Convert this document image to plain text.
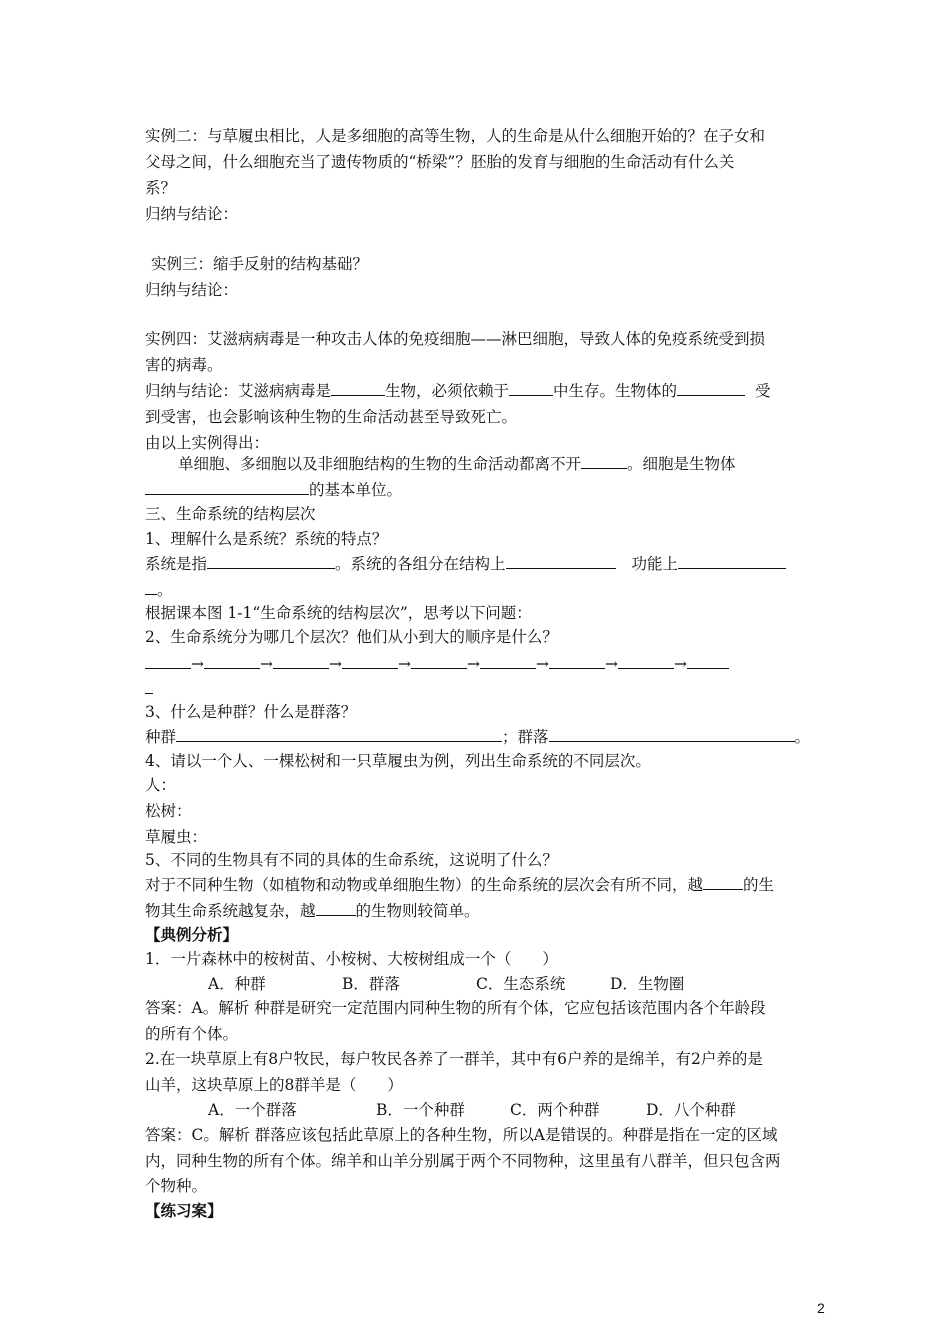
实例二：与草履虫相比，人是多细胞的高等生物，人的生命是从什么细胞开始的？在子女和
父母之间，什么细胞充当了遗传物质的“桥梁”？胚胎的发育与细胞的生命活动有什么关
系？
归纳与结论：
实例三：缩手反射的结构基础？
归纳与结论：
实例四：艾滋病病毒是一种攻击人体的免疫细胞——淋巴细胞，导致人体的免疫系统受到损
害的病毒。
归纳与结论：艾滋病病毒是	生物，必须依赖于	中生存。生物体的	受
到受害，也会影响该种生物的生命活动甚至导致死亡。
由以上实例得出：
单细胞、多细胞以及非细胞结构的生物的生命活动都离不开	。细胞是生物体
的基本单位。
三、生命系统的结构层次
1、理解什么是系统？系统的特点？
系统是指	。系统的各组分在结构上	功能上
。
根据课本图 1-1“生命系统的结构层次”，思考以下问题：
2、生命系统分为哪几个层次？他们从小到大的顺序是什么？
→	→	→	→	→	→	→	→
3、什么是种群？什么是群落？
种群	；群落	。
4、请以一个人、一棵松树和一只草履虫为例，列出生命系统的不同层次。
人：
松树：
草履虫：
5、不同的生物具有不同的具体的生命系统，这说明了什么？
对于不同种生物（如植物和动物或单细胞生物）的生命系统的层次会有所不同，越	的生
物其生命系统越复杂，越	的生物则较简单。
【典例分析】
1．一片森林中的桉树苗、小桉树、大桉树组成一个（　　）
A．种群	B．群落	C．生态系统	D．生物圈
答案：A。解析 种群是研究一定范围内同种生物的所有个体，它应包括该范围内各个年龄段
的所有个体。
2.在一块草原上有8户牧民，每户牧民各养了一群羊，其中有6户养的是绵羊，有2户养的是
山羊，这块草原上的8群羊是（　　）
A．一个群落	B．一个种群	C．两个种群	D．八个种群
答案：C。解析 群落应该包括此草原上的各种生物，所以A是错误的。种群是指在一定的区域
内，同种生物的所有个体。绵羊和山羊分别属于两个不同物种，这里虽有八群羊，但只包含两
个物种。
【练习案】
2
